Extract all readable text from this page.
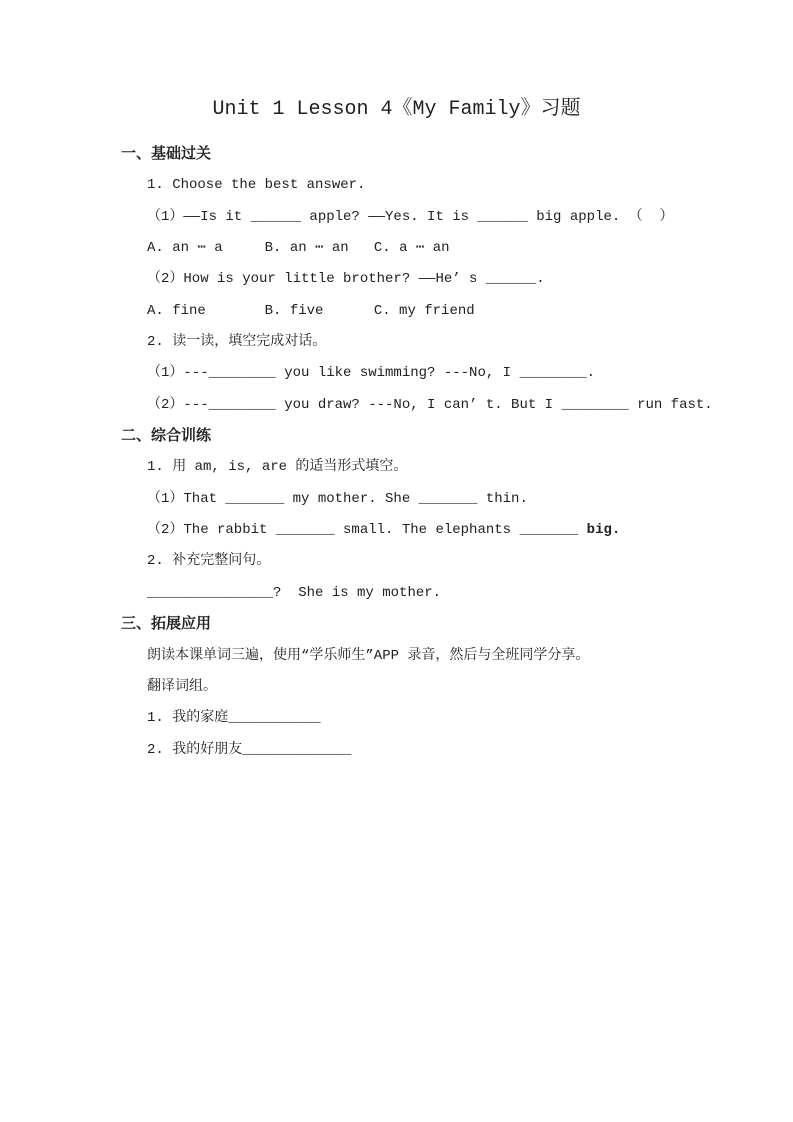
Unit 1 Lesson 4《My Family》习题
一、基础过关
1. Choose the best answer.
（1）——Is it ______ apple? ——Yes. It is ______ big apple. （  ）
A. an ⋯ a     B. an ⋯ an   C. a ⋯ an
（2）How is your little brother? ——He’ s ______.
A. fine       B. five      C. my friend
2. 读一读，填空完成对话。
（1）---________ you like swimming? ---No, I ________.
（2）---________ you draw? ---No, I can’ t. But I ________ run fast.
二、综合训练
1. 用 am, is, are 的适当形式填空。
（1）That _______ my mother. She _______ thin.
（2）The rabbit _______ small. The elephants _______ big.
2. 补充完整问句。
_______________?  She is my mother.
三、拓展应用
朗读本课单词三遍，使用“学乐师生”APP 录音，然后与全班同学分享。
翻译词组。
1. 我的家庭___________
2. 我的好朋友_____________
